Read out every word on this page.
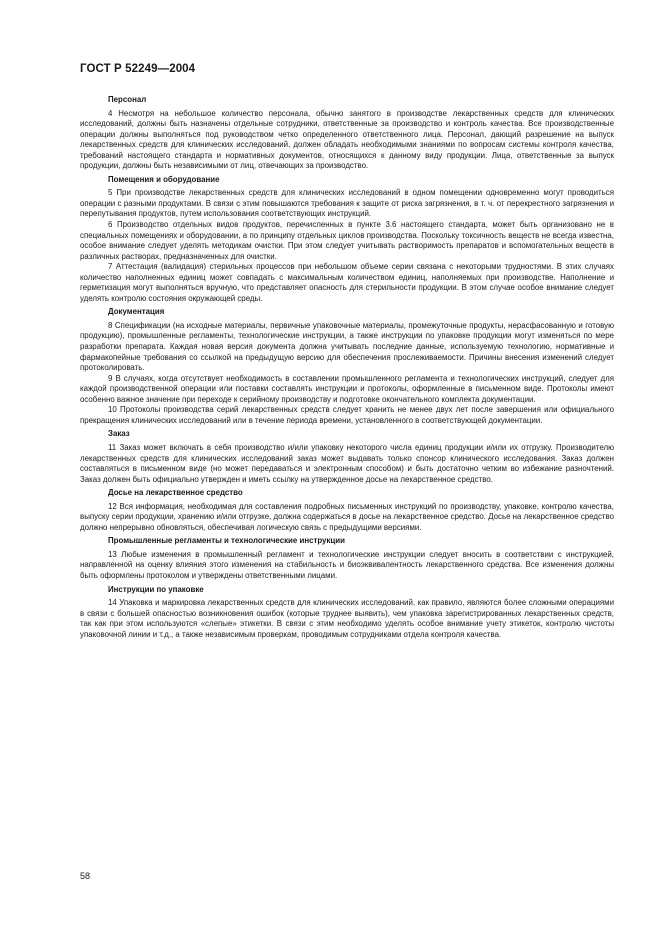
ГОСТ Р 52249—2004
Персонал

4 Несмотря на небольшое количество персонала, обычно занятого в производстве лекарственных средств для клинических исследований, должны быть назначены отдельные сотрудники, ответственные за производство и контроль качества. Все производственные операции должны выполняться под руководством четко определенного ответственного лица. Персонал, дающий разрешение на выпуск лекарственных средств для клинических исследований, должен обладать необходимыми знаниями по вопросам системы контроля качества, требований настоящего стандарта и нормативных документов, относящихся к данному виду продукции. Лица, ответственные за выпуск продукции, должны быть независимыми от лиц, отвечающих за производство.

Помещения и оборудование

5 При производстве лекарственных средств для клинических исследований в одном помещении одновременно могут проводиться операции с разными продуктами. В связи с этим повышаются требования к защите от риска загрязнения, в т. ч. от перекрестного загрязнения и перепутывания продуктов, путем использования соответствующих инструкций.

6 Производство отдельных видов продуктов, перечисленных в пункте 3.6 настоящего стандарта, может быть организовано не в специальных помещениях и оборудовании, а по принципу отдельных циклов производства. Поскольку токсичность веществ не всегда известна, особое внимание следует уделять методикам очистки. При этом следует учитывать растворимость препаратов и вспомогательных веществ в различных растворах, предназначенных для очистки.

7 Аттестация (валидация) стерильных процессов при небольшом объеме серии связана с некоторыми трудностями. В этих случаях количество наполненных единиц может совпадать с максимальным количеством единиц, наполняемых при производстве. Наполнение и герметизация могут выполняться вручную, что представляет опасность для стерильности продукции. В этом случае особое внимание следует уделять контролю состояния окружающей среды.

Документация

8 Спецификации (на исходные материалы, первичные упаковочные материалы, промежуточные продукты, нерасфасованную и готовую продукцию), промышленные регламенты, технологические инструкции, а также инструкции по упаковке продукции могут изменяться по мере разработки препарата. Каждая новая версия документа должна учитывать последние данные, используемую технологию, нормативные и фармакопейные требования со ссылкой на предыдущую версию для обеспечения прослеживаемости. Причины внесения изменений следует протоколировать.

9 В случаях, когда отсутствует необходимость в составлении промышленного регламента и технологических инструкций, следует для каждой производственной операции или поставки составлять инструкции и протоколы, оформленные в письменном виде. Протоколы имеют особенно важное значение при переходе к серийному производству и подготовке окончательного комплекта документации.

10 Протоколы производства серий лекарственных средств следует хранить не менее двух лет после завершения или официального прекращения клинических исследований или в течение периода времени, установленного в соответствующей документации.

Заказ

11 Заказ может включать в себя производство и/или упаковку некоторого числа единиц продукции и/или их отгрузку. Производителю лекарственных средств для клинических исследований заказ может выдавать только спонсор клинического исследования. Заказ должен составляться в письменном виде (но может передаваться и электронным способом) и быть достаточно четким во избежание разночтений. Заказ должен быть официально утвержден и иметь ссылку на утвержденное досье на лекарственное средство.

Досье на лекарственное средство

12 Вся информация, необходимая для составления подробных письменных инструкций по производству, упаковке, контролю качества, выпуску серии продукции, хранению и/или отгрузке, должна содержаться в досье на лекарственное средство. Досье на лекарственное средство должно непрерывно обновляться, обеспечивая логическую связь с предыдущими версиями.

Промышленные регламенты и технологические инструкции

13 Любые изменения в промышленный регламент и технологические инструкции следует вносить в соответствии с инструкцией, направленной на оценку влияния этого изменения на стабильность и биоэквивалентность лекарственного средства. Все изменения должны быть оформлены протоколом и утверждены ответственными лицами.

Инструкции по упаковке

14 Упаковка и маркировка лекарственных средств для клинических исследований, как правило, являются более сложными операциями в связи с большей опасностью возникновения ошибок (которые труднее выявить), чем упаковка зарегистрированных лекарственных средств, так как при этом используются «слепые» этикетки. В связи с этим необходимо уделять особое внимание учету этикеток, контролю чистоты упаковочной линии и т.д., а также независимым проверкам, проводимым сотрудниками отдела контроля качества.

58
